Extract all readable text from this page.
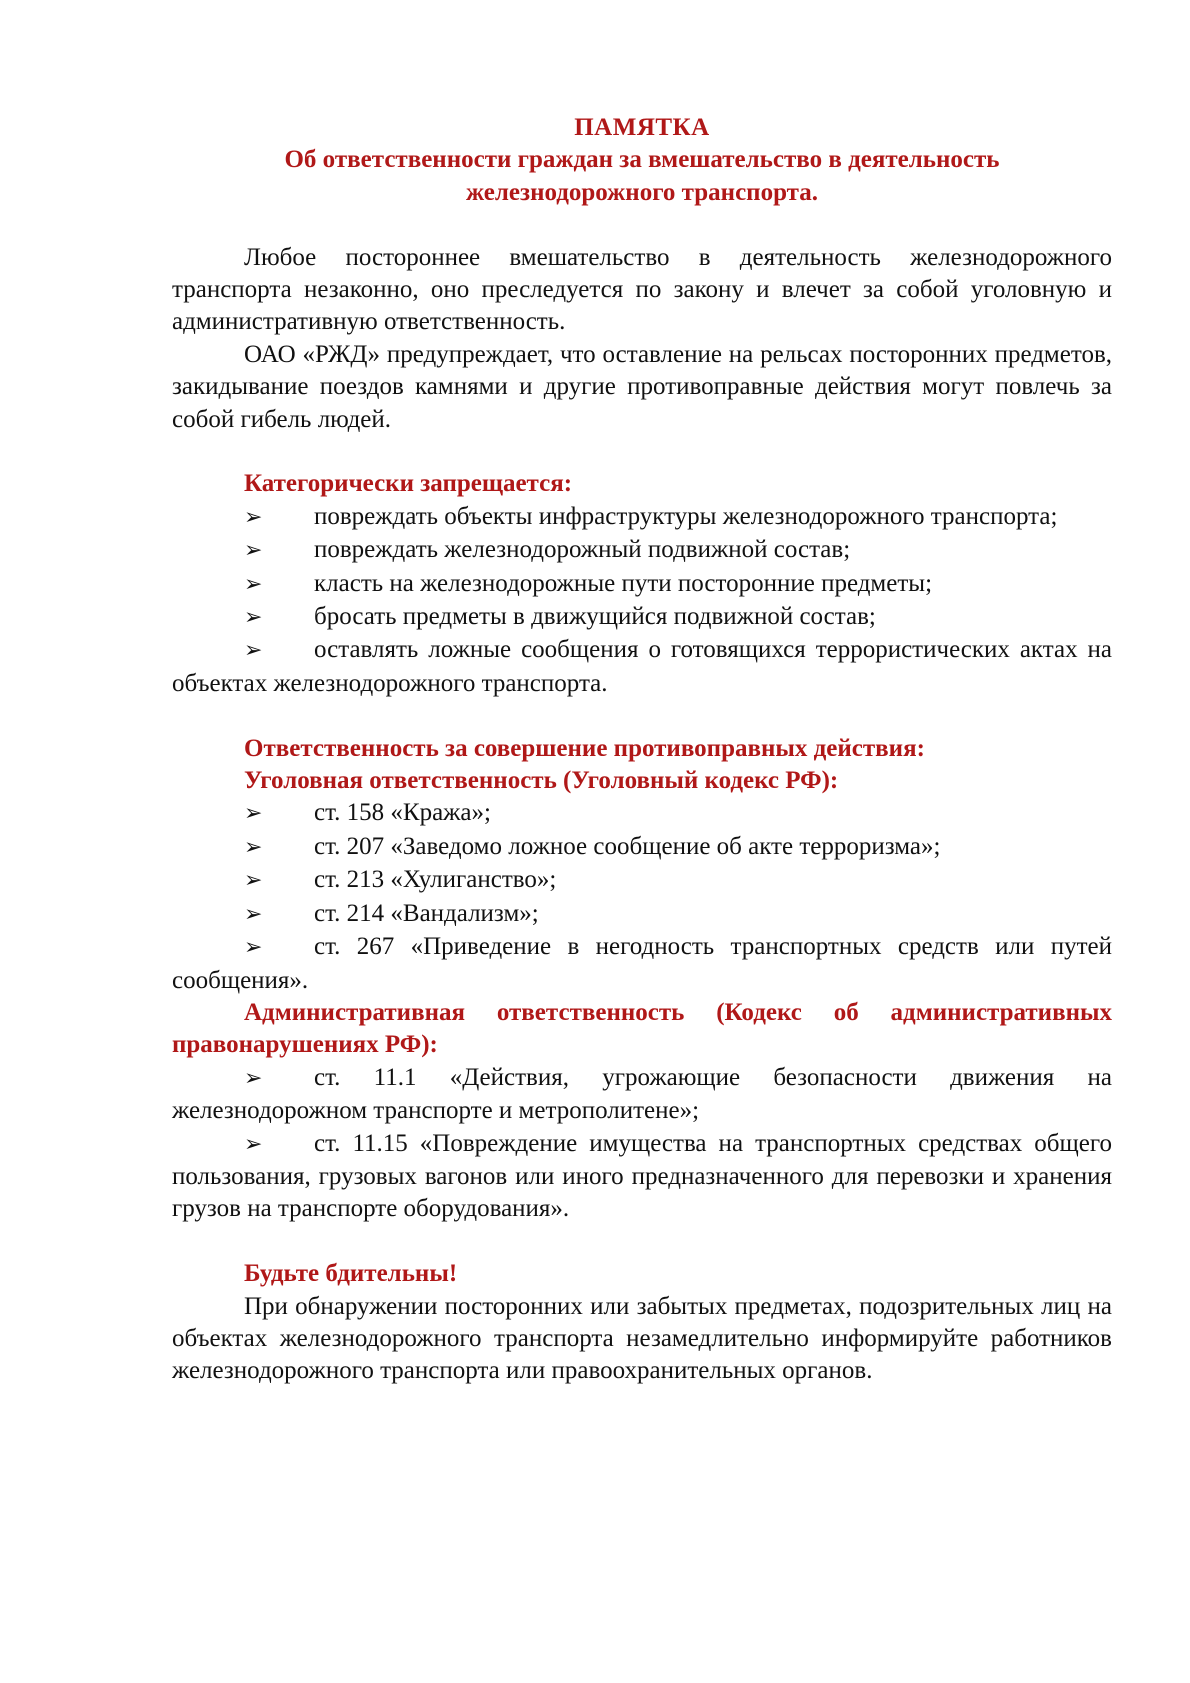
ПАМЯТКА

Об ответственности граждан за вмешательство в деятельность

железнодорожного транспорта.

Любое постороннее вмешательство в деятельность железнодорожного транспорта незаконно, оно преследуется по закону и влечет за собой уголовную и административную ответственность.

ОАО «РЖД» предупреждает, что оставление на рельсах посторонних предметов, закидывание поездов камнями и другие противоправные действия могут повлечь за собой гибель людей.

Категорически запрещается:

➢ повреждать объекты инфраструктуры железнодорожного транспорта;

➢ повреждать железнодорожный подвижной состав;

➢ класть на железнодорожные пути посторонние предметы;

➢ бросать предметы в движущийся подвижной состав;

➢ оставлять ложные сообщения о готовящихся террористических актах на объектах железнодорожного транспорта.

Ответственность за совершение противоправных действия:

Уголовная ответственность (Уголовный кодекс РФ):

➢ ст. 158 «Кража»;

➢ ст. 207 «Заведомо ложное сообщение об акте терроризма»;

➢ ст. 213 «Хулиганство»;

➢ ст. 214 «Вандализм»;

➢ ст. 267 «Приведение в негодность транспортных средств или путей сообщения».

Административная ответственность (Кодекс об административных правонарушениях РФ):

➢ ст. 11.1 «Действия, угрожающие безопасности движения на железнодорожном транспорте и метрополитене»;

➢ ст. 11.15 «Повреждение имущества на транспортных средствах общего пользования, грузовых вагонов или иного предназначенного для перевозки и хранения грузов на транспорте оборудования».

Будьте бдительны!

При обнаружении посторонних или забытых предметах, подозрительных лиц на объектах железнодорожного транспорта незамедлительно информируйте работников железнодорожного транспорта или правоохранительных органов.
